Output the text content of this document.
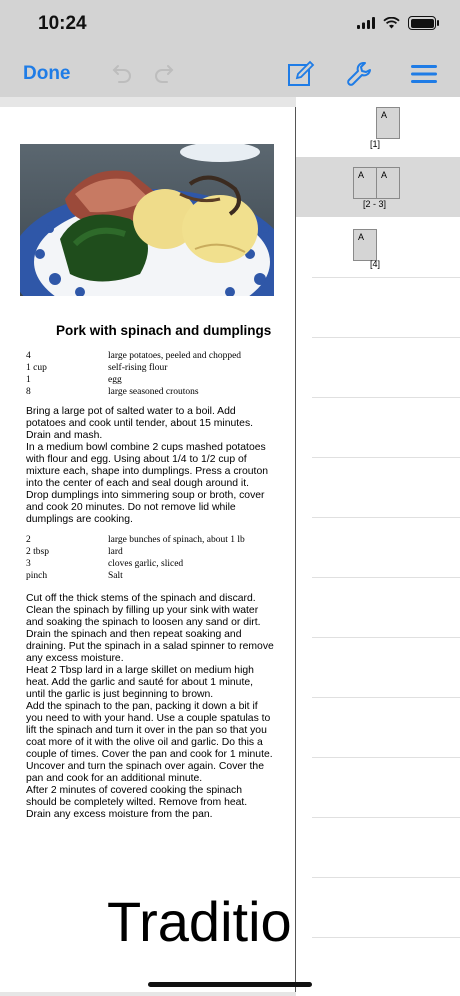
10:24
Done
Pork with spinach and dumplings
4	large potatoes, peeled and chopped
1 cup	self-rising flour
1	egg
8	large seasoned croutons
Bring a large pot of salted water to a boil. Add potatoes and cook until tender, about 15 minutes. Drain and mash.
In a medium bowl combine 2 cups mashed potatoes with flour and egg. Using about 1/4 to 1/2 cup of mixture each, shape into dumplings. Press a crouton into the center of each and seal dough around it.
Drop dumplings into simmering soup or broth, cover and cook 20 minutes. Do not remove lid while dumplings are cooking.
2	large bunches of spinach, about 1 lb
2 tbsp	lard
3	cloves garlic, sliced
pinch	Salt
Cut off the thick stems of the spinach and discard. Clean the spinach by filling up your sink with water and soaking the spinach to loosen any sand or dirt. Drain the spinach and then repeat soaking and draining. Put the spinach in a salad spinner to remove any excess moisture.
Heat 2 Tbsp lard in a large skillet on medium high heat. Add the garlic and sauté for about 1 minute, until the garlic is just beginning to brown.
Add the spinach to the pan, packing it down a bit if you need to with your hand. Use a couple spatulas to lift the spinach and turn it over in the pan so that you coat more of it with the olive oil and garlic. Do this a couple of times. Cover the pan and cook for 1 minute.
Uncover and turn the spinach over again. Cover the pan and cook for an additional minute.
After 2 minutes of covered cooking the spinach should be completely wilted. Remove from heat. Drain any excess moisture from the pan.
Traditio
A
[1]
A A
[2 - 3]
A
[4]
